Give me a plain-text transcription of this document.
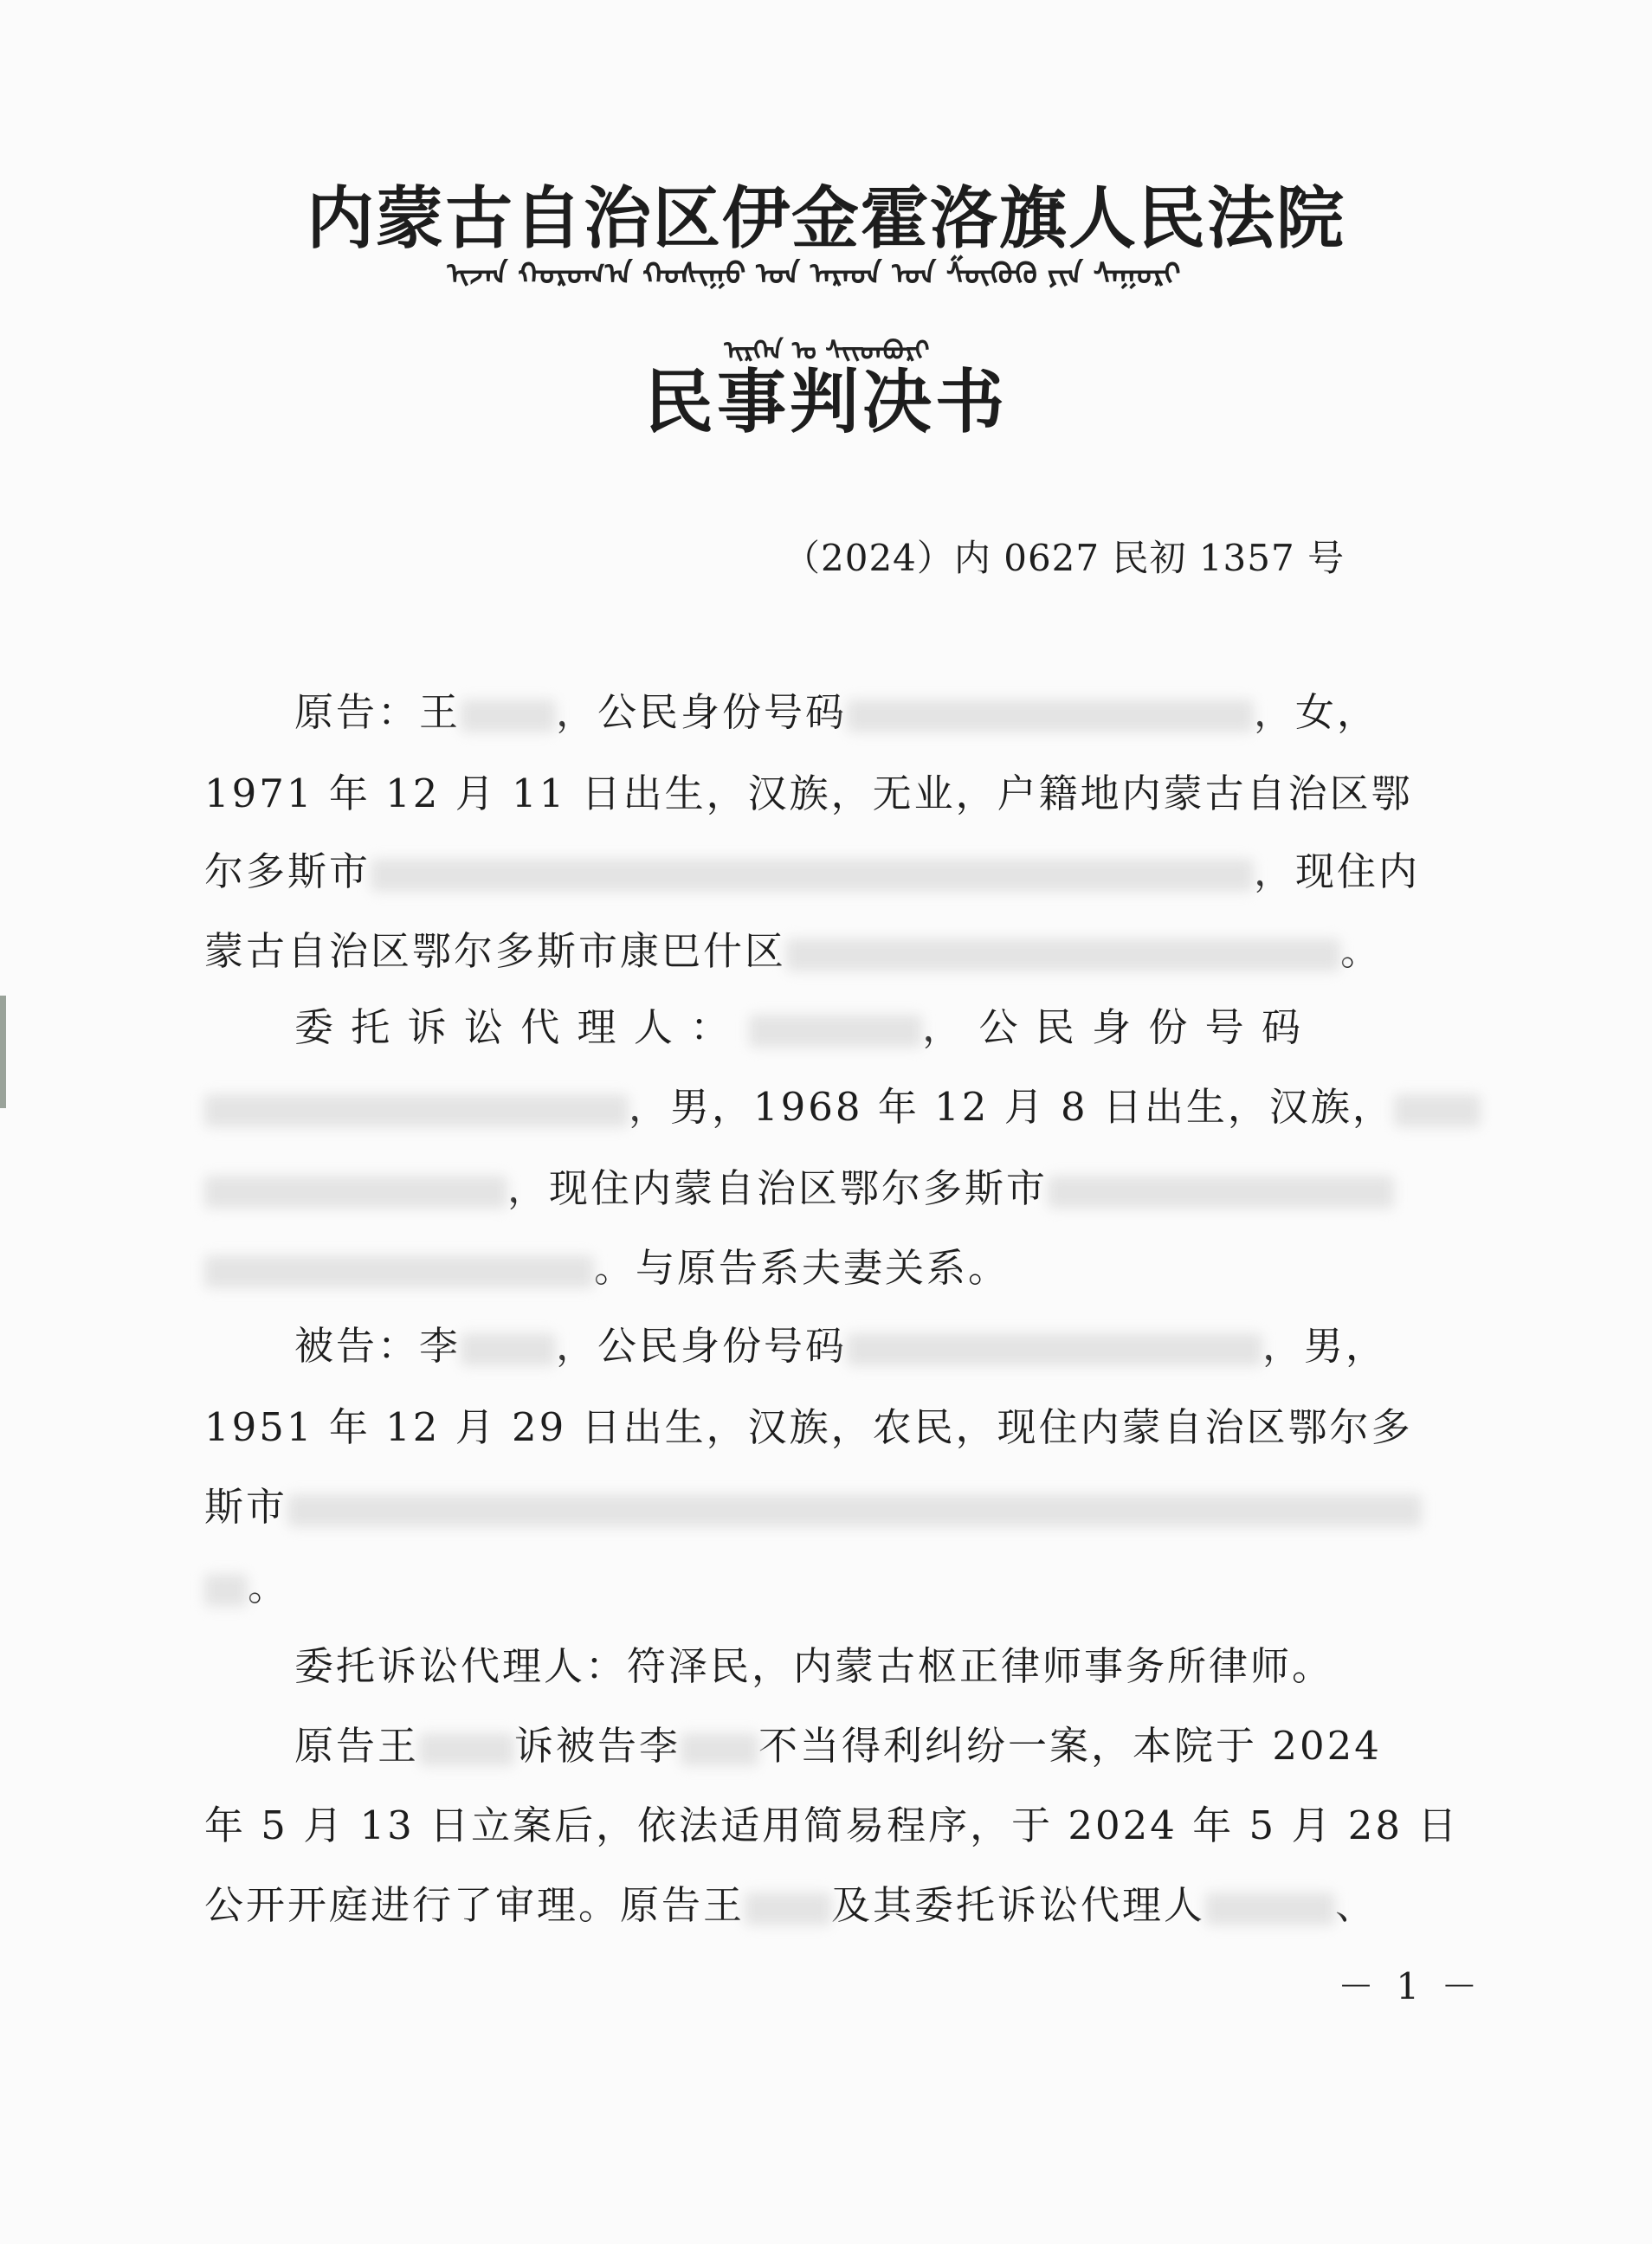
内蒙古自治区伊金霍洛旗人民法院
ᠢᠵᠡᠨ ᠬᠣᠷᠣᠭ᠎ᠠ ᠬᠣᠰᠢᠭᠤ ᠤᠨ ᠠᠷᠠᠳ ᠤᠨ ᠱᠦᠭᠦᠬᠦ ᠶᠢᠨ ᠰᠠᠭᠤᠷᠢ
ᠢᠷᠭᠡᠨ ᠤ ᠱᠢᠢᠳᠪᠦᠷᠢ
民事判决书
（2024）内 0627 民初 1357 号
原告：王 ，公民身份号码	，女，
1971 年 12 月 11 日出生，汉族，无业，户籍地内蒙古自治区鄂
尔多斯市	，现住内
蒙古自治区鄂尔多斯市康巴什区	。
委 托 诉 讼 代 理 人 ：	， 公 民 身 份 号 码
，男，1968 年 12 月 8 日出生，汉族，
，现住内蒙自治区鄂尔多斯市
。与原告系夫妻关系。
被告：李 ，公民身份号码	，男，
1951 年 12 月 29 日出生，汉族，农民，现住内蒙自治区鄂尔多
斯市
。
委托诉讼代理人：符泽民，内蒙古枢正律师事务所律师。
原告王 诉被告李 不当得利纠纷一案，本院于 2024
年 5 月 13 日立案后，依法适用简易程序，于 2024 年 5 月 28 日
公开开庭进行了审理。原告王 及其委托诉讼代理人	、
－ 1 －
